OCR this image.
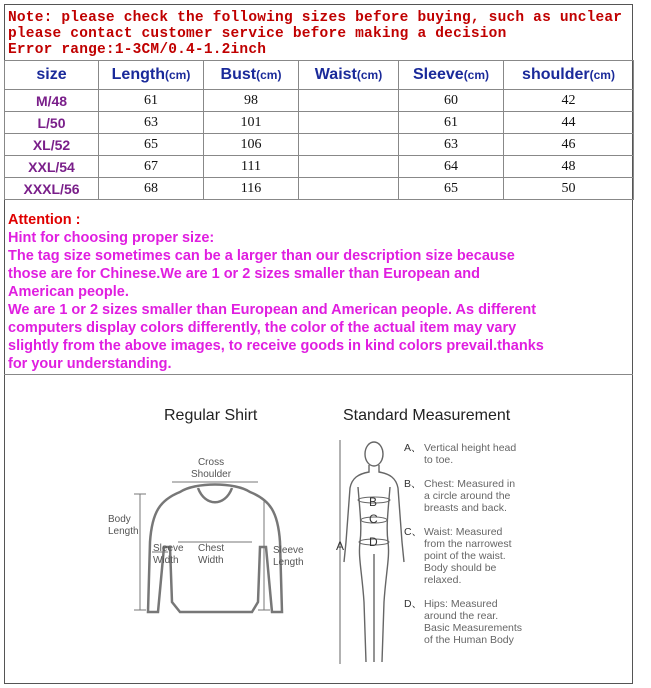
Note: please check the following sizes before buying, such as unclear
please contact customer service before making a decision
Error range:1-3CM/0.4-1.2inch
size	Length(cm)	Bust(cm)	Waist(cm)	Sleeve(cm)	shoulder(cm)
M/48	61	98		60	42
L/50	63	101		61	44
XL/52	65	106		63	46
XXL/54	67	111		64	48
XXXL/56	68	116		65	50
Attention :
Hint for choosing proper size:
The tag size sometimes can be a larger than our description size because
those are for Chinese.We are 1 or 2 sizes smaller than European and
American people.
We are 1 or 2 sizes smaller than European and American people. As different
computers display colors differently, the color of the actual item may vary
slightly from the above images, to receive goods in kind colors prevail.thanks
for your understanding.
Regular Shirt
Cross
Shoulder
Body
Length
Sleeve
Width
Chest
Width
Sleeve
Length
Standard Measurement
A
B
C
D
A、 Vertical height head
to toe.
B、 Chest: Measured in
a circle around the
breasts and back.
C、 Waist: Measured
from the narrowest
point of the waist.
Body should be
relaxed.
D、 Hips: Measured
around the rear.
Basic Measurements
of the Human Body
